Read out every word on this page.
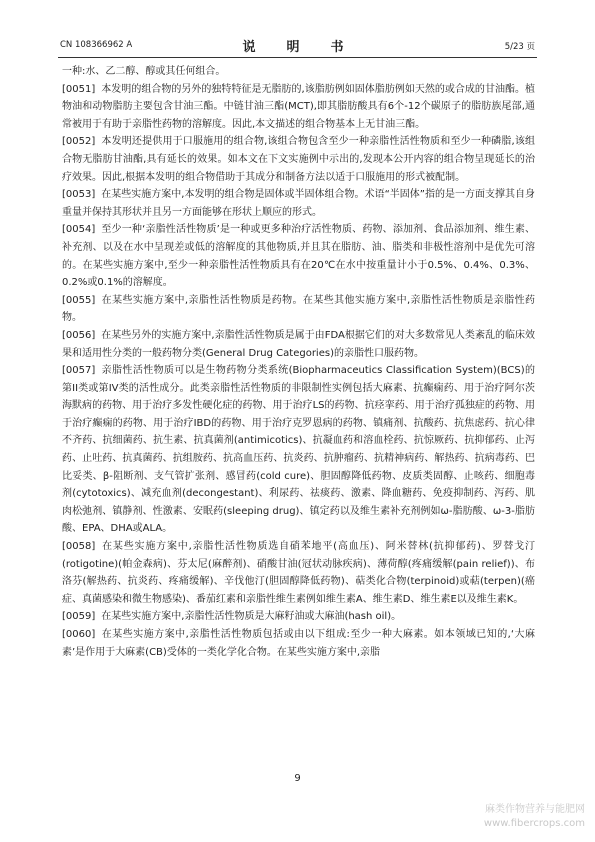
CN 108366962 A	说　明　书	5/23 页

一种:水、乙二醇、醇或其任何组合。

[0051] 本发明的组合物的另外的独特特征是无脂肪的,该脂肪例如固体脂肪例如天然的或合成的甘油酯。植物油和动物脂肪主要包含甘油三酯。中链甘油三酯(MCT),即其脂肪酸具有6个-12个碳原子的脂肪族尾部,通常被用于有助于亲脂性药物的溶解度。因此,本文描述的组合物基本上无甘油三酯。

[0052] 本发明还提供用于口服施用的组合物,该组合物包含至少一种亲脂性活性物质和至少一种磷脂,该组合物无脂肪甘油酯,具有延长的效果。如本文在下文实施例中示出的,发现本公开内容的组合物呈现延长的治疗效果。因此,根据本发明的组合物借助于其成分和制备方法以适于口服施用的形式被配制。

[0053] 在某些实施方案中,本发明的组合物是固体或半固体组合物。术语“半固体”指的是一方面支撑其自身重量并保持其形状并且另一方面能够在形状上顺应的形式。

[0054] 至少一种‘亲脂性活性物质’是一种或更多种治疗活性物质、药物、添加剂、食品添加剂、维生素、补充剂、以及在水中呈现差或低的溶解度的其他物质,并且其在脂肪、油、脂类和非极性溶剂中是优先可溶的。在某些实施方案中,至少一种亲脂性活性物质具有在20℃在水中按重量计小于0.5%、0.4%、0.3%、0.2%或0.1%的溶解度。

[0055] 在某些实施方案中,亲脂性活性物质是药物。在某些其他实施方案中,亲脂性活性物质是亲脂性药物。

[0056] 在某些另外的实施方案中,亲脂性活性物质是属于由FDA根据它们的对大多数常见人类紊乱的临床效果和适用性分类的一般药物分类(General Drug Categories)的亲脂性口服药物。

[0057] 亲脂性活性物质可以是生物药物分类系统(Biopharmaceutics Classification System)(BCS)的第II类或第IV类的活性成分。此类亲脂性活性物质的非限制性实例包括大麻素、抗癫痫药、用于治疗阿尔茨海默病的药物、用于治疗多发性硬化症的药物、用于治疗LS的药物、抗痉挛药、用于治疗孤独症的药物、用于治疗癫痫的药物、用于治疗IBD的药物、用于治疗克罗恩病的药物、镇痛剂、抗酸药、抗焦虑药、抗心律不齐药、抗细菌药、抗生素、抗真菌剂(antimicotics)、抗凝血药和溶血栓药、抗惊厥药、抗抑郁药、止泻药、止吐药、抗真菌药、抗组胺药、抗高血压药、抗炎药、抗肿瘤药、抗精神病药、解热药、抗病毒药、巴比妥类、β-阻断剂、支气管扩张剂、感冒药(cold cure)、胆固醇降低药物、皮质类固醇、止咳药、细胞毒剂(cytotoxics)、减充血剂(decongestant)、利尿药、祛痰药、激素、降血糖药、免疫抑制药、泻药、肌肉松弛剂、镇静剂、性激素、安眠药(sleeping drug)、镇定药以及维生素补充剂例如ω-脂肪酸、ω-3-脂肪酸、EPA、DHA或ALA。

[0058] 在某些实施方案中,亲脂性活性物质选自硝苯地平(高血压)、阿米替林(抗抑郁药)、罗替戈汀(rotigotine)(帕金森病)、芬太尼(麻醉剂)、硝酸甘油(冠状动脉疾病)、薄荷醇(疼痛缓解(pain relief))、布洛芬(解热药、抗炎药、疼痛缓解)、辛伐他汀(胆固醇降低药物)、萜类化合物(terpinoid)或萜(terpen)(癌症、真菌感染和微生物感染)、番茄红素和亲脂性维生素例如维生素A、维生素D、维生素E以及维生素K。

[0059] 在某些实施方案中,亲脂性活性物质是大麻籽油或大麻油(hash oil)。

[0060] 在某些实施方案中,亲脂性活性物质包括或由以下组成:至少一种大麻素。如本领域已知的,‘大麻素’是作用于大麻素(CB)受体的一类化学化合物。在某些实施方案中,亲脂

9
麻类作物营养与能肥网
www.fibercrops.com
